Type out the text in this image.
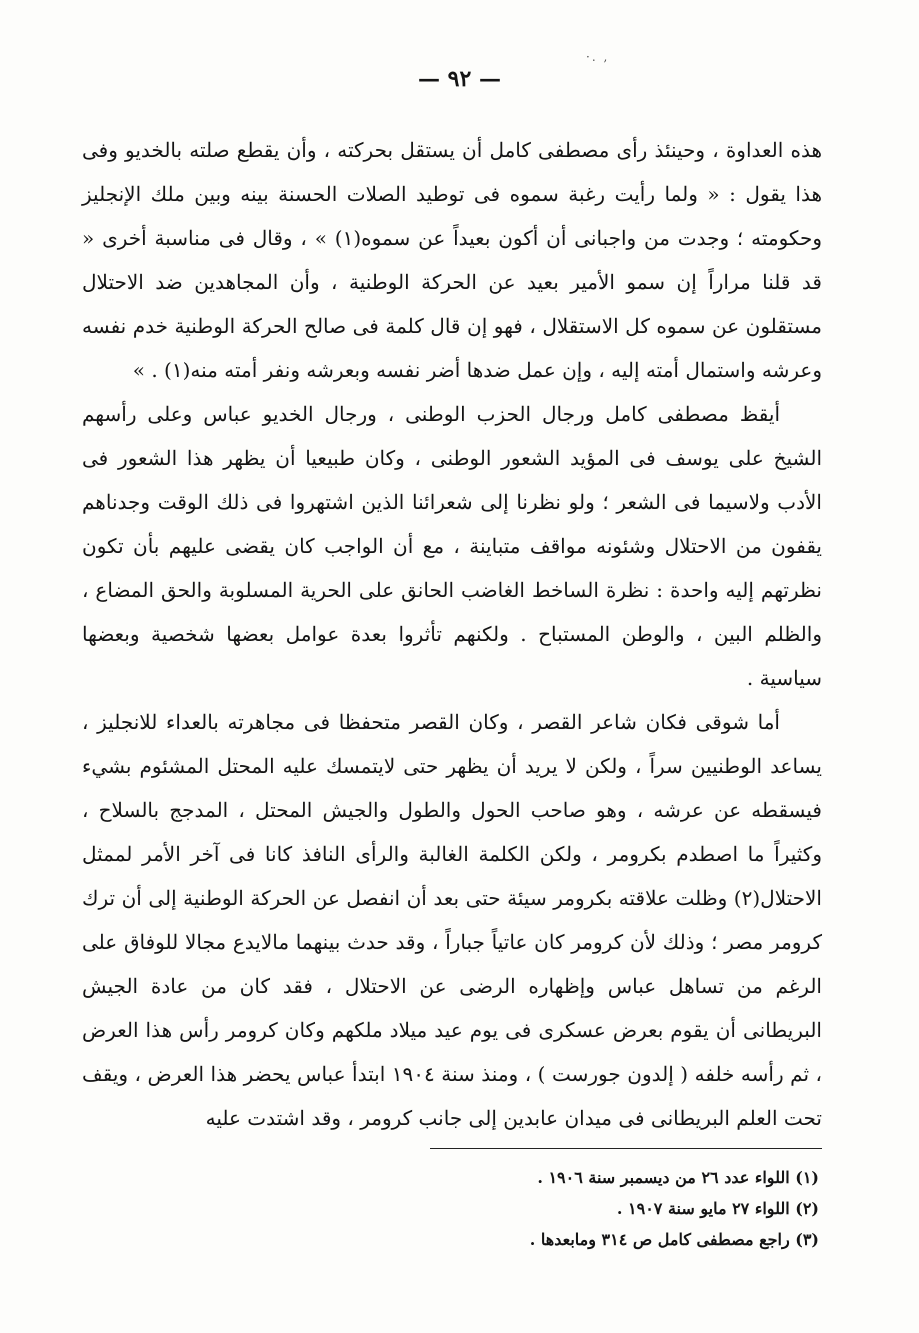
·. ,
— ٩٢ —

هذه العداوة ، وحينئذ رأى مصطفى كامل أن يستقل بحركته ، وأن يقطع صلته بالخديو وفى هذا يقول : « ولما رأيت رغبة سموه فى توطيد الصلات الحسنة بينه وبين ملك الإنجليز وحكومته ؛ وجدت من واجبانى أن أكون بعيداً عن سموه(١) » ، وقال فى مناسبة أخرى « قد قلنا مراراً إن سمو الأمير بعيد عن الحركة الوطنية ، وأن المجاهدين ضد الاحتلال مستقلون عن سموه كل الاستقلال ، فهو إن قال كلمة فى صالح الحركة الوطنية خدم نفسه وعرشه واستمال أمته إليه ، وإن عمل ضدها أضر نفسه وبعرشه ونفر أمته منه(١) . »

أيقظ مصطفى كامل ورجال الحزب الوطنى ، ورجال الخديو عباس وعلى رأسهم الشيخ على يوسف فى المؤيد الشعور الوطنى ، وكان طبيعيا أن يظهر هذا الشعور فى الأدب ولاسيما فى الشعر ؛ ولو نظرنا إلى شعرائنا الذين اشتهروا فى ذلك الوقت وجدناهم يقفون من الاحتلال وشئونه مواقف متباينة ، مع أن الواجب كان يقضى عليهم بأن تكون نظرتهم إليه واحدة : نظرة الساخط الغاضب الحانق على الحرية المسلوبة والحق المضاع ، والظلم البين ، والوطن المستباح . ولكنهم تأثروا بعدة عوامل بعضها شخصية وبعضها سياسية .

أما شوقى فكان شاعر القصر ، وكان القصر متحفظا فى مجاهرته بالعداء للانجليز ، يساعد الوطنيين سراً ، ولكن لا يريد أن يظهر حتى لايتمسك عليه المحتل المشئوم بشيء فيسقطه عن عرشه ، وهو صاحب الحول والطول والجيش المحتل ، المدجج بالسلاح ، وكثيراً ما اصطدم بكرومر ، ولكن الكلمة الغالبة والرأى النافذ كانا فى آخر الأمر لممثل الاحتلال(٢) وظلت علاقته بكرومر سيئة حتى بعد أن انفصل عن الحركة الوطنية إلى أن ترك كرومر مصر ؛ وذلك لأن كرومر كان عاتياً جباراً ، وقد حدث بينهما مالايدع مجالا للوفاق على الرغم من تساهل عباس وإظهاره الرضى عن الاحتلال ، فقد كان من عادة الجيش البريطانى أن يقوم بعرض عسكرى فى يوم عيد ميلاد ملكهم وكان كرومر رأس هذا العرض ، ثم رأسه خلفه ( إلدون جورست ) ، ومنذ سنة ١٩٠٤ ابتدأ عباس يحضر هذا العرض ، ويقف تحت العلم البريطانى فى ميدان عابدين إلى جانب كرومر ، وقد اشتدت عليه

(١) اللواء عدد ٢٦ من ديسمبر سنة ١٩٠٦ .

(٢) اللواء ٢٧ مايو سنة ١٩٠٧ .

(٣) راجع مصطفى كامل ص ٣١٤ ومابعدها .
